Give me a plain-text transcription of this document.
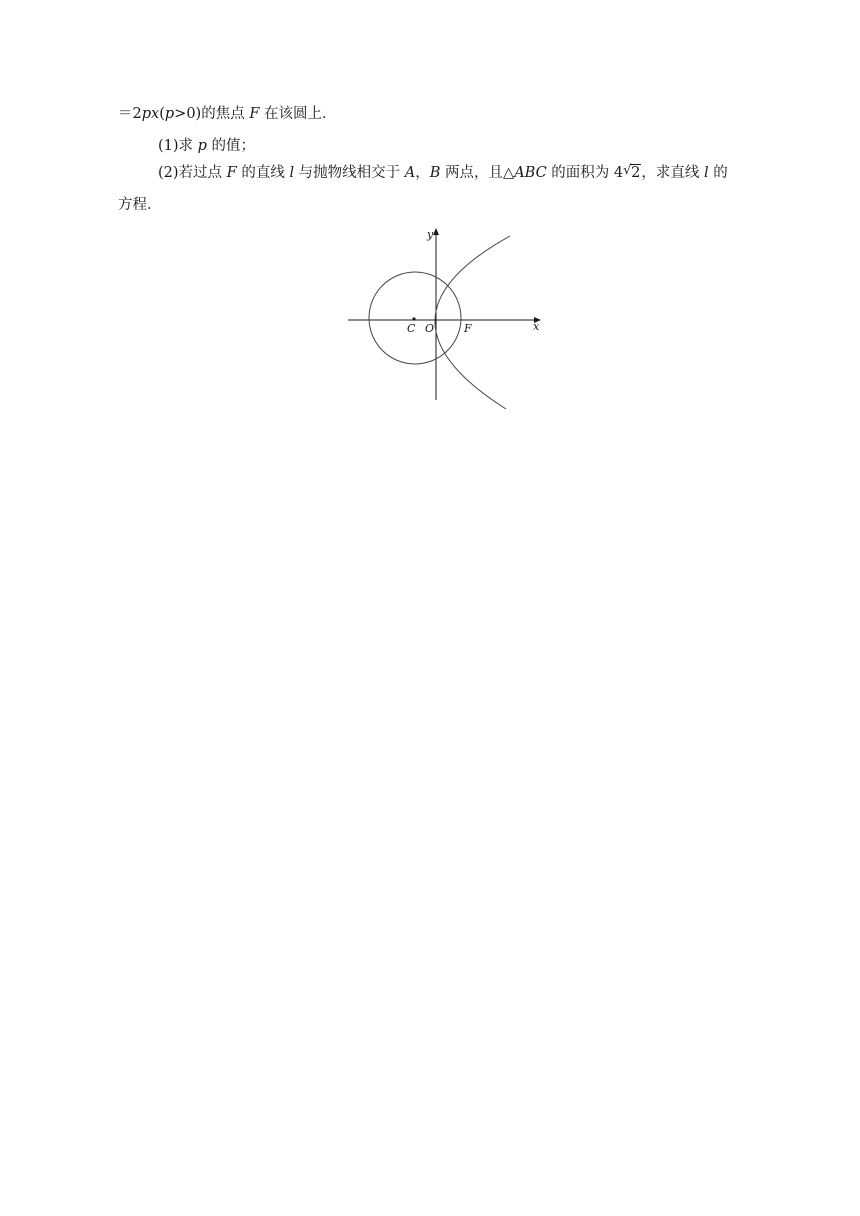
＝2px(p>0)的焦点 F 在该圆上．
(1)求 p 的值；
(2)若过点 F 的直线 l 与抛物线相交于 A，B 两点，且△ABC 的面积为 4 √ 2，求直线 l 的
方程．
y
x
C O	F
